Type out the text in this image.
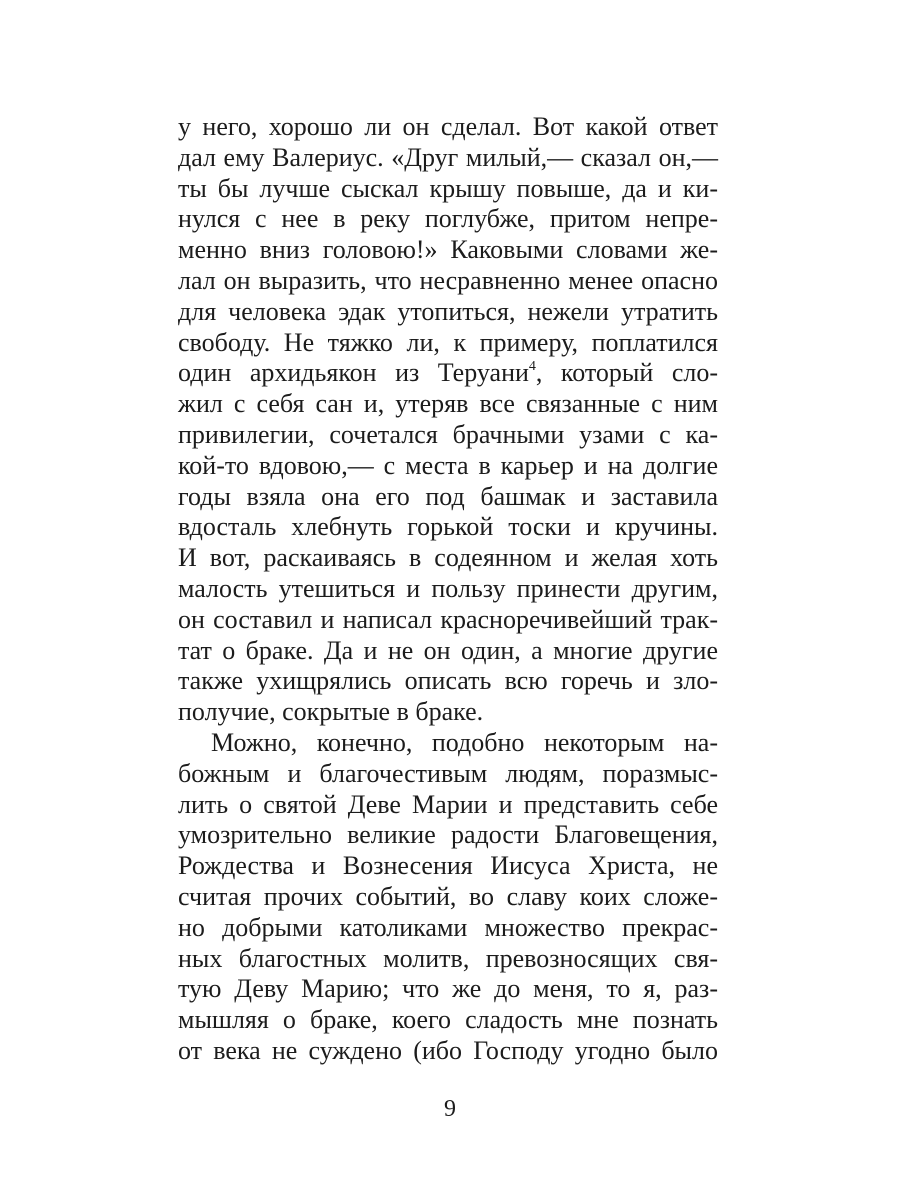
у него, хорошо ли он сделал. Вот какой ответ
дал ему Валериус. «Друг милый,— сказал он,—
ты бы лучше сыскал крышу повыше, да и ки-
нулся с нее в реку поглубже, притом непре-
менно вниз головою!» Каковыми словами же-
лал он выразить, что несравненно менее опасно
для человека эдак утопиться, нежели утратить
свободу. Не тяжко ли, к примеру, поплатился
один архидьякон из Теруани$^4$, который сло-
жил с себя сан и, утеряв все связанные с ним
привилегии, сочетался брачными узами с ка-
кой-то вдовою,— с места в карьер и на долгие
годы взяла она его под башмак и заставила
вдосталь хлебнуть горькой тоски и кручины.
И вот, раскаиваясь в содеянном и желая хоть
малость утешиться и пользу принести другим,
он составил и написал красноречивейший трак-
тат о браке. Да и не он один, а многие другие
также ухищрялись описать всю горечь и зло-
получие, сокрытые в браке.
Можно, конечно, подобно некоторым на-
божным и благочестивым людям, поразмыс-
лить о святой Деве Марии и представить себе
умозрительно великие радости Благовещения,
Рождества и Вознесения Иисуса Христа, не
считая прочих событий, во славу коих сложе-
но добрыми католиками множество прекрас-
ных благостных молитв, превозносящих свя-
тую Деву Марию; что же до меня, то я, раз-
мышляя о браке, коего сладость мне познать
от века не суждено (ибо Господу угодно было
9
